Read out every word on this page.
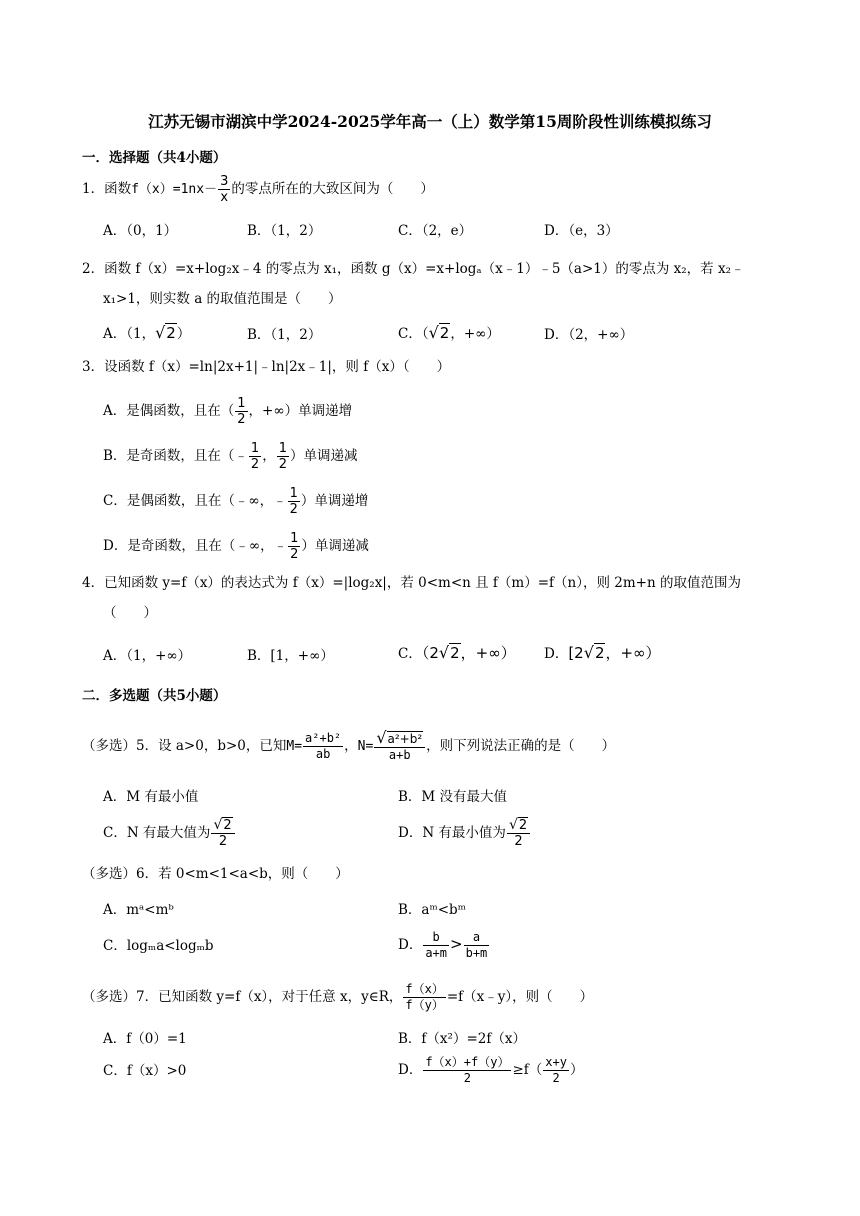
江苏无锡市湖滨中学2024-2025学年高一（上）数学第15周阶段性训练模拟练习
一．选择题（共4小题）
1．函数$f(x)=1nx- \frac{3}{x}$ 的零点所在的大致区间为（　　）
A．（0，1）	B．（1，2）	C．（2，e）	D．（e，3）
2．函数 f（x）=x+log₂x﹣4 的零点为 x₁，函数 g（x）=x+logₐ（x﹣1）﹣5（a>1）的零点为 x₂，若 x₂﹣
x₁>1，则实数 a 的取值范围是（　　）
A．（1，√2）	B．（1，2）	C．（√2，+∞）	D．（2，+∞）
3．设函数 f（x）=ln|2x+1|﹣ln|2x﹣1|，则 f（x）（　　）
A．是偶函数，且在（ $\frac{1}{2}$ ，+∞）单调递增
B．是奇函数，且在（﹣ $\frac{1}{2}$ ， $\frac{1}{2}$ ）单调递减
C．是偶函数，且在（﹣∞，﹣ $\frac{1}{2}$ ）单调递增
D．是奇函数，且在（﹣∞，﹣ $\frac{1}{2}$ ）单调递减
4．已知函数 y=f（x）的表达式为 f（x）=|log₂x|，若 0<m<n 且 f（m）=f（n），则 2m+n 的取值范围为
（　　）
A．（1，+∞）	B．[1，+∞）	C．（2√2，+∞） D．[2√2，+∞）
二．多选题（共5小题）
（多选）5．设 a>0，b>0，已知$M= \frac{\text{a²+b²}}{ab}$ ，$N= \frac{\text{√a²+b²}}{a+b}$ ，则下列说法正确的是（　　）
A．M 有最小值	B．M 没有最大值
C．N 有最大值为 $\frac{√2}{2}$	D．N 有最小值为 $\frac{√2}{2}$
（多选）6．若 0<m<1<a<b，则（　　）
A．mᵃ<mᵇ	B．aᵐ<bᵐ
C．logₘa<logₘb	D． $\frac{b}{a+m} > \frac{a}{b+m}$
（多选）7．已知函数 y=f（x），对于任意 x，y∈R， $\frac{f(x)}{f(y)}$ =f（x﹣y），则（　　）
A．f（0）=1	B．f（x²）=2f（x）
C．f（x）>0	D． $\frac{f(x)+f(y)}{2} \ge f( \frac{x+y}{2}$ ）
